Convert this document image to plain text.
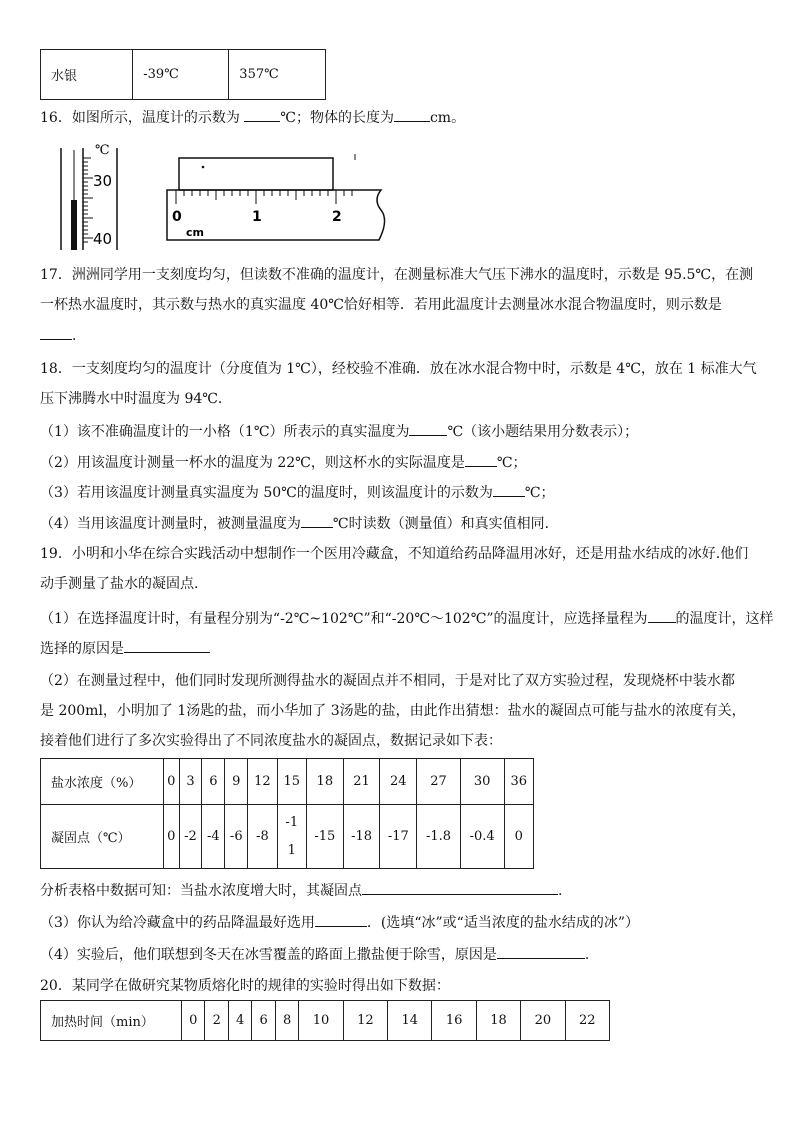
水银	-39℃	357℃
16．如图所示，温度计的示数为	℃；物体的长度为	cm。
℃
30
40
0	1	2
cm
17．洲洲同学用一支刻度均匀，但读数不准确的温度计，在测量标准大气压下沸水的温度时，示数是 95.5℃，在测
一杯热水温度时，其示数与热水的真实温度 40℃恰好相等．若用此温度计去测量冰水混合物温度时，则示数是
．
18．一支刻度均匀的温度计（分度值为 1℃），经校验不准确．放在冰水混合物中时，示数是 4℃，放在 1 标准大气
压下沸腾水中时温度为 94℃．
（1）该不准确温度计的一小格（1℃）所表示的真实温度为	℃（该小题结果用分数表示）；
（2）用该温度计测量一杯水的温度为 22℃，则这杯水的实际温度是 ℃；
（3）若用该温度计测量真实温度为 50℃的温度时，则该温度计的示数为 ℃；
（4）当用该温度计测量时，被测量温度为 ℃时读数（测量值）和真实值相同．
19．小明和小华在综合实践活动中想制作一个医用冷藏盒，不知道给药品降温用冰好，还是用盐水结成的冰好.他们
动手测量了盐水的凝固点.
（1）在选择温度计时，有量程分别为“-2℃~102℃”和“-20℃～102℃”的温度计，应选择量程为 的温度计，这样
选择的原因是
（2）在测量过程中，他们同时发现所测得盐水的凝固点并不相同，于是对比了双方实验过程，发现烧杯中装水都
是 200ml，小明加了 1汤匙的盐，而小华加了 3汤匙的盐，由此作出猜想：盐水的凝固点可能与盐水的浓度有关，
接着他们进行了多次实验得出了不同浓度盐水的凝固点，数据记录如下表：
盐水浓度（%）	0	3	6	9	12	15	18	21	24	27	30	36
凝固点（℃）	0	-2	-4	-6	-8	-1
1	-15	-18	-17	-1.8	-0.4	0
分析表格中数据可知：当盐水浓度增大时，其凝固点	.
（3）你认为给冷藏盒中的药品降温最好选用	．(选填“冰”或“适当浓度的盐水结成的冰”）
（4）实验后，他们联想到冬天在冰雪覆盖的路面上撒盐便于除雪，原因是	.
20．某同学在做研究某物质熔化时的规律的实验时得出如下数据：
加热时间（min）	0	2	4	6	8	10	12	14	16	18	20	22
